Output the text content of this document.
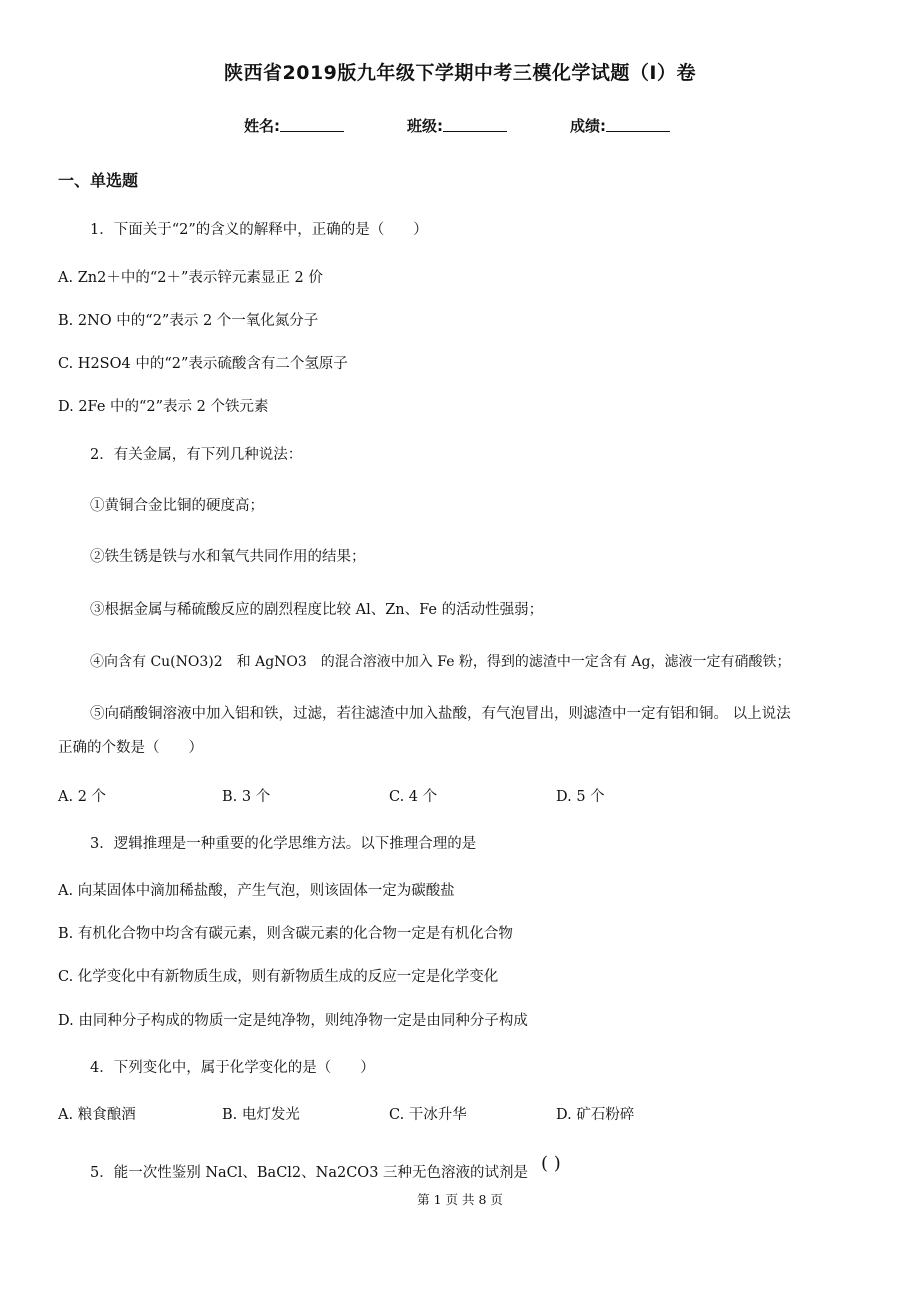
陕西省2019版九年级下学期中考三模化学试题（I）卷
姓名:	班级:	成绩:
一、单选题
1．下面关于“2”的含义的解释中，正确的是（　　）
A. Zn2＋中的“2＋”表示锌元素显正 2 价
B. 2NO 中的“2”表示 2 个一氧化氮分子
C. H2SO4 中的“2”表示硫酸含有二个氢原子
D. 2Fe 中的“2”表示 2 个铁元素
2．有关金属，有下列几种说法：
①黄铜合金比铜的硬度高；
②铁生锈是铁与水和氧气共同作用的结果；
③根据金属与稀硫酸反应的剧烈程度比较 Al、Zn、Fe 的活动性强弱；
④向含有 Cu(NO3)2　和 AgNO3　的混合溶液中加入 Fe 粉，得到的滤渣中一定含有 Ag，滤液一定有硝酸铁；
⑤向硝酸铜溶液中加入铝和铁，过滤，若往滤渣中加入盐酸，有气泡冒出，则滤渣中一定有铝和铜。 以上说法
正确的个数是（　　）
A. 2 个	B. 3 个	C. 4 个	D. 5 个
3．逻辑推理是一种重要的化学思维方法。以下推理合理的是
A. 向某固体中滴加稀盐酸，产生气泡，则该固体一定为碳酸盐
B. 有机化合物中均含有碳元素，则含碳元素的化合物一定是有机化合物
C. 化学变化中有新物质生成，则有新物质生成的反应一定是化学变化
D. 由同种分子构成的物质一定是纯净物，则纯净物一定是由同种分子构成
4．下列变化中，属于化学变化的是（　　）
A. 粮食酿酒	B. 电灯发光	C. 干冰升华	D. 矿石粉碎
5．能一次性鉴别 NaCl、BaCl2、Na2CO3 三种无色溶液的试剂是 ( )
第 1 页 共 8 页
